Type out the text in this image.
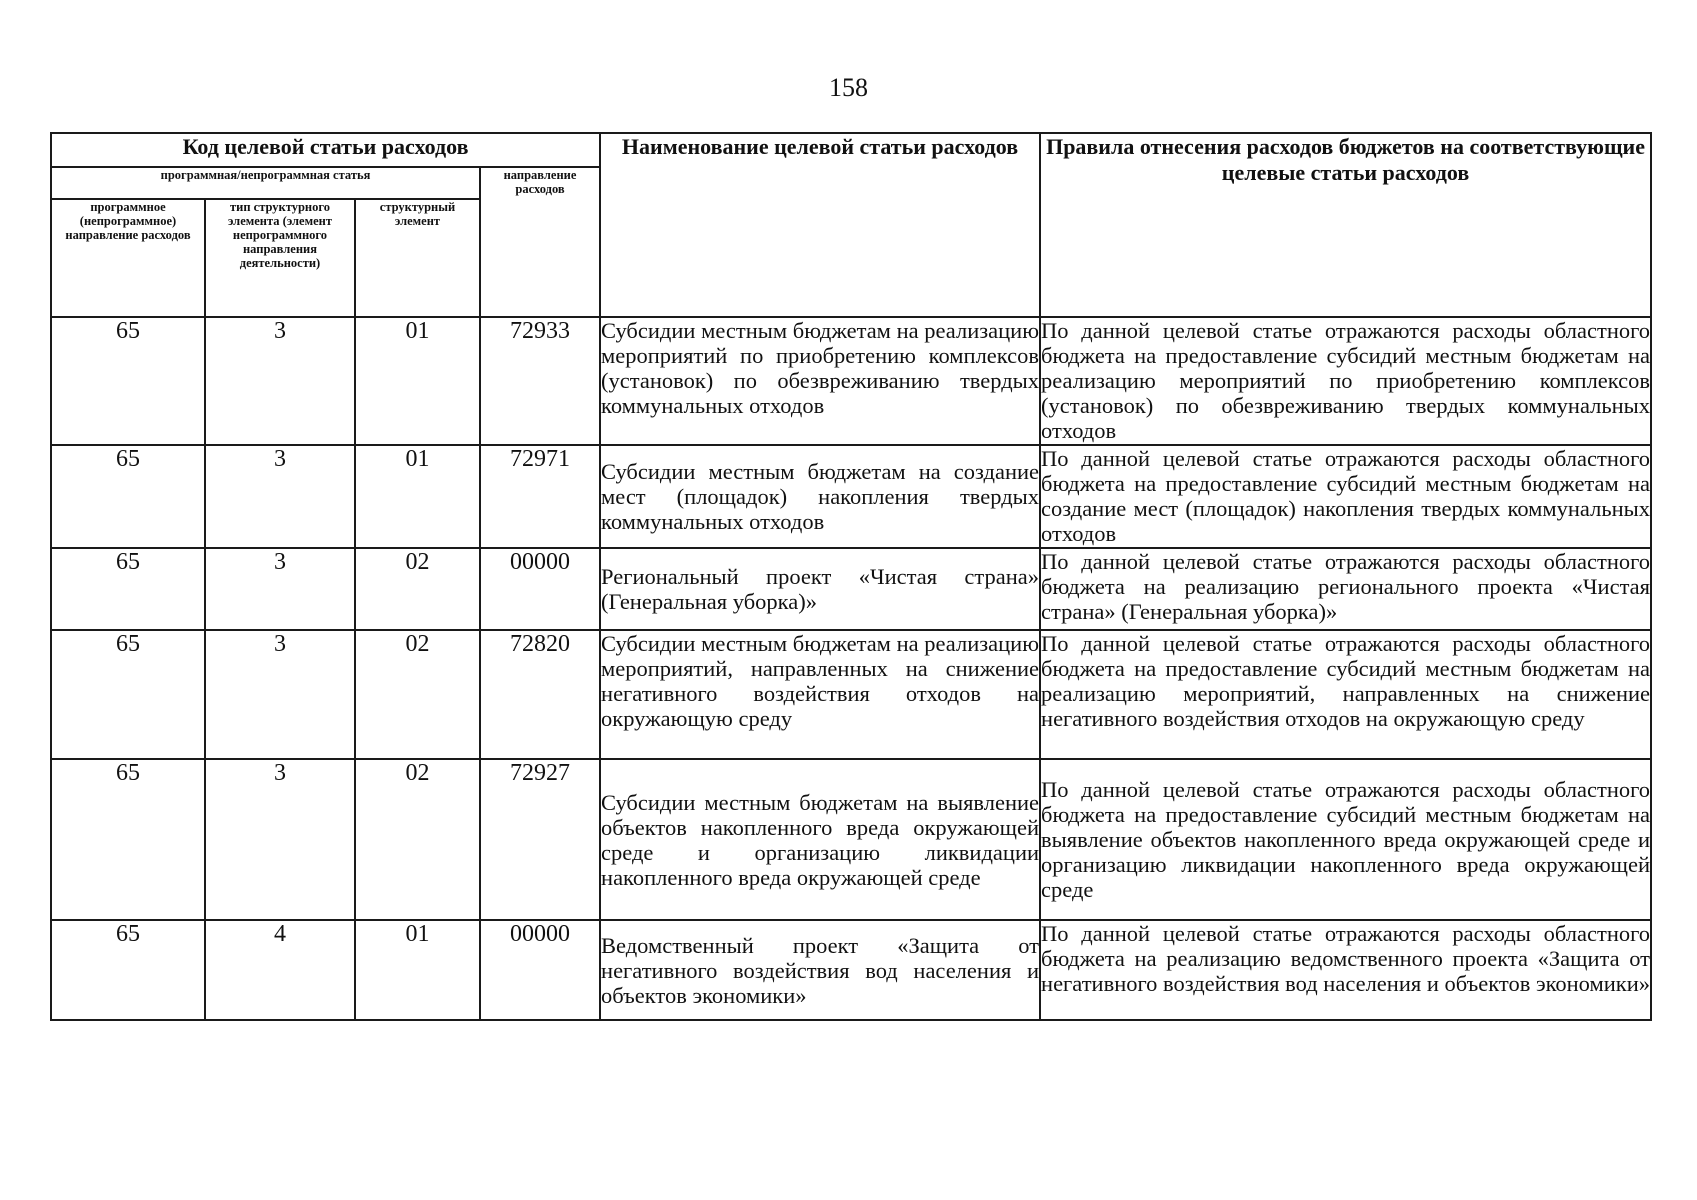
158
Код целевой статьи расходов				Наименование целевой статьи расходов	Правила отнесения расходов бюджетов на соответствующие целевые статьи расходов
программная/непрограммная статья			направление расходов		
программное (непрограммное) направление расходов	тип структурного элемента (элемент непрограммного направления деятельности)	структурный элемент			
65	3	01	72933	Субсидии местным бюджетам на реализацию мероприятий по приобретению комплексов (установок) по обезвреживанию твердых коммунальных отходов	По данной целевой статье отражаются расходы областного бюджета на предоставление субсидий местным бюджетам на реализацию мероприятий по приобретению комплексов (установок) по обезвреживанию твердых коммунальных отходов
65	3	01	72971	Субсидии местным бюджетам на создание мест (площадок) накопления твердых коммунальных отходов	По данной целевой статье отражаются расходы областного бюджета на предоставление субсидий местным бюджетам на создание мест (площадок) накопления твердых коммунальных отходов
65	3	02	00000	Региональный проект «Чистая страна» (Генеральная уборка)»	По данной целевой статье отражаются расходы областного бюджета на реализацию регионального проекта «Чистая страна» (Генеральная уборка)»
65	3	02	72820	Субсидии местным бюджетам на реализацию мероприятий, направленных на снижение негативного воздействия отходов на окружающую среду	По данной целевой статье отражаются расходы областного бюджета на предоставление субсидий местным бюджетам на реализацию мероприятий, направленных на снижение негативного воздействия отходов на окружающую среду
65	3	02	72927	Субсидии местным бюджетам на выявление объектов накопленного вреда окружающей среде и организацию ликвидации накопленного вреда окружающей среде	По данной целевой статье отражаются расходы областного бюджета на предоставление субсидий местным бюджетам на выявление объектов накопленного вреда окружающей среде и организацию ликвидации накопленного вреда окружающей среде
65	4	01	00000	Ведомственный проект «Защита от негативного воздействия вод населения и объектов экономики»	По данной целевой статье отражаются расходы областного бюджета на реализацию ведомственного проекта «Защита от негативного воздействия вод населения и объектов экономики»
